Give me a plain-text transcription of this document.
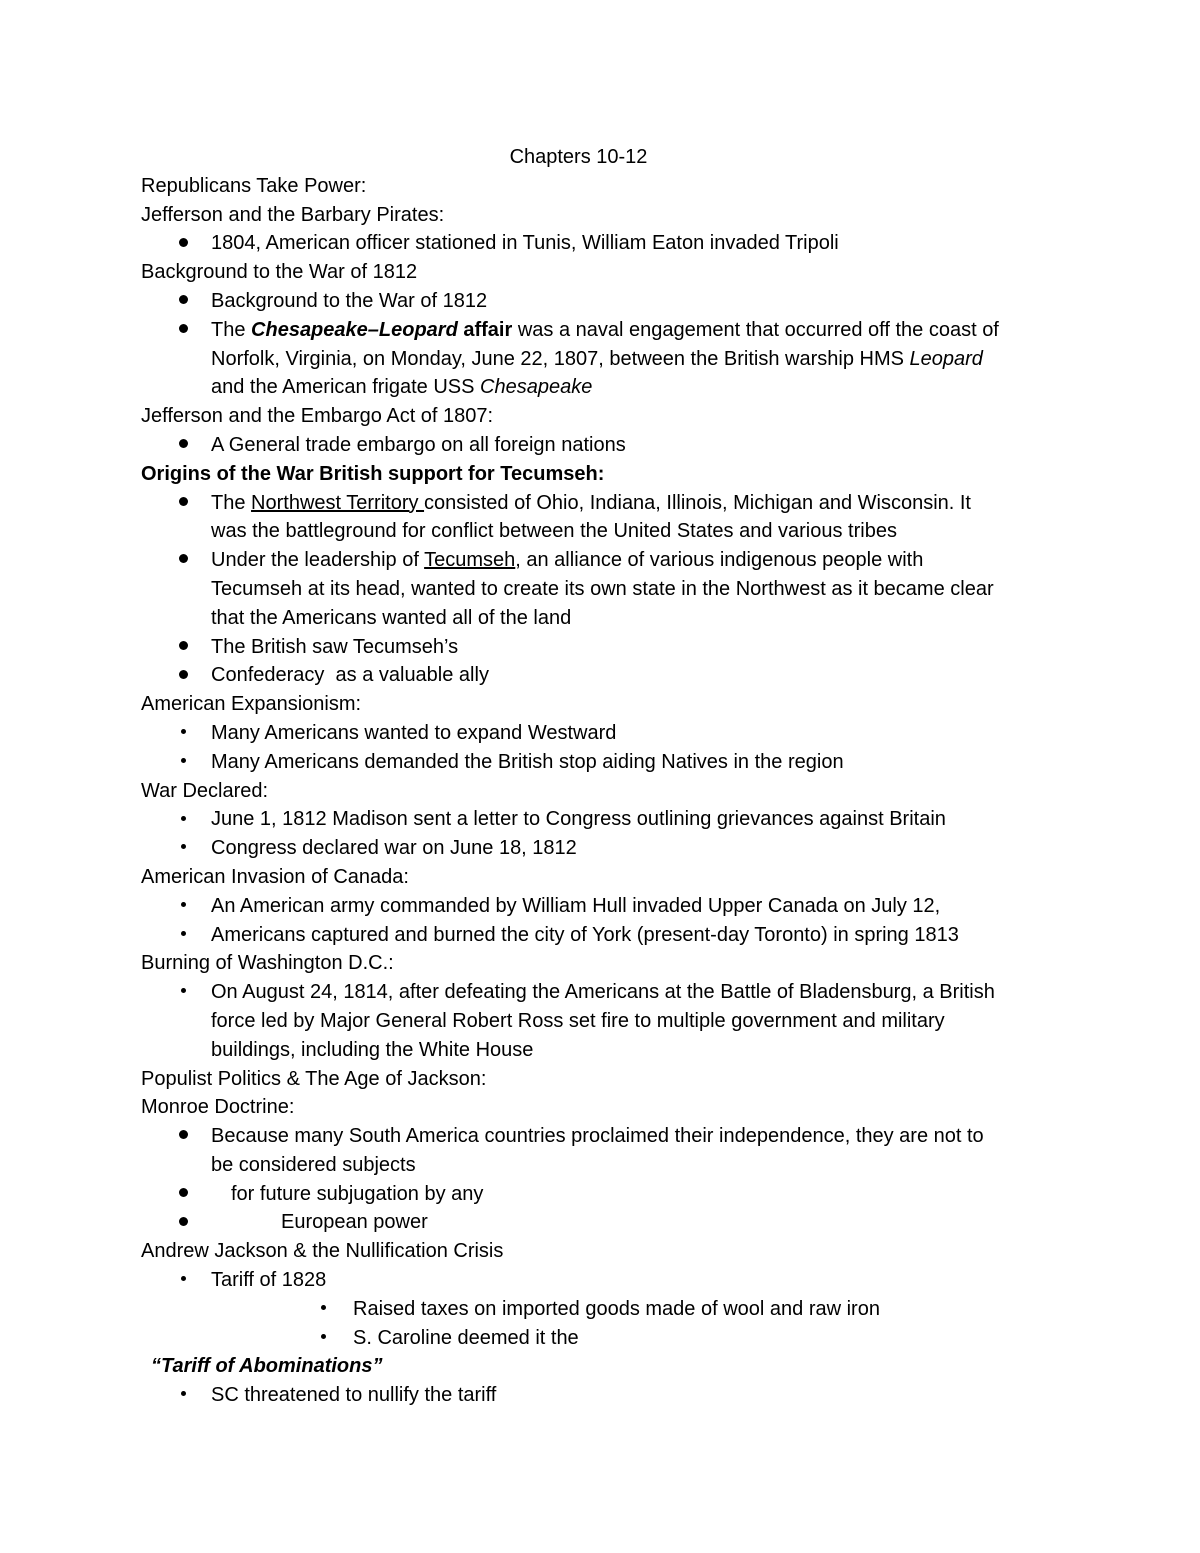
Chapters 10-12
Republicans Take Power:
Jefferson and the Barbary Pirates:
1804, American officer stationed in Tunis, William Eaton invaded Tripoli
Background to the War of 1812
Background to the War of 1812
The Chesapeake–Leopard affair was a naval engagement that occurred off the coast of
Norfolk, Virginia, on Monday, June 22, 1807, between the British warship HMS Leopard
and the American frigate USS Chesapeake
Jefferson and the Embargo Act of 1807:
A General trade embargo on all foreign nations
Origins of the War British support for Tecumseh:
The Northwest Territory consisted of Ohio, Indiana, Illinois, Michigan and Wisconsin. It
was the battleground for conflict between the United States and various tribes
Under the leadership of Tecumseh, an alliance of various indigenous people with
Tecumseh at its head, wanted to create its own state in the Northwest as it became clear
that the Americans wanted all of the land
The British saw Tecumseh’s
Confederacy  as a valuable ally
American Expansionism:
Many Americans wanted to expand Westward
Many Americans demanded the British stop aiding Natives in the region
War Declared:
June 1, 1812 Madison sent a letter to Congress outlining grievances against Britain
Congress declared war on June 18, 1812
American Invasion of Canada:
An American army commanded by William Hull invaded Upper Canada on July 12,
Americans captured and burned the city of York (present-day Toronto) in spring 1813
Burning of Washington D.C.:
On August 24, 1814, after defeating the Americans at the Battle of Bladensburg, a British
force led by Major General Robert Ross set fire to multiple government and military
buildings, including the White House
Populist Politics & The Age of Jackson:
Monroe Doctrine:
Because many South America countries proclaimed their independence, they are not to
be considered subjects
for future subjugation by any
European power
Andrew Jackson & the Nullification Crisis
Tariff of 1828
Raised taxes on imported goods made of wool and raw iron
S. Caroline deemed it the
“Tariff of Abominations”
SC threatened to nullify the tariff
